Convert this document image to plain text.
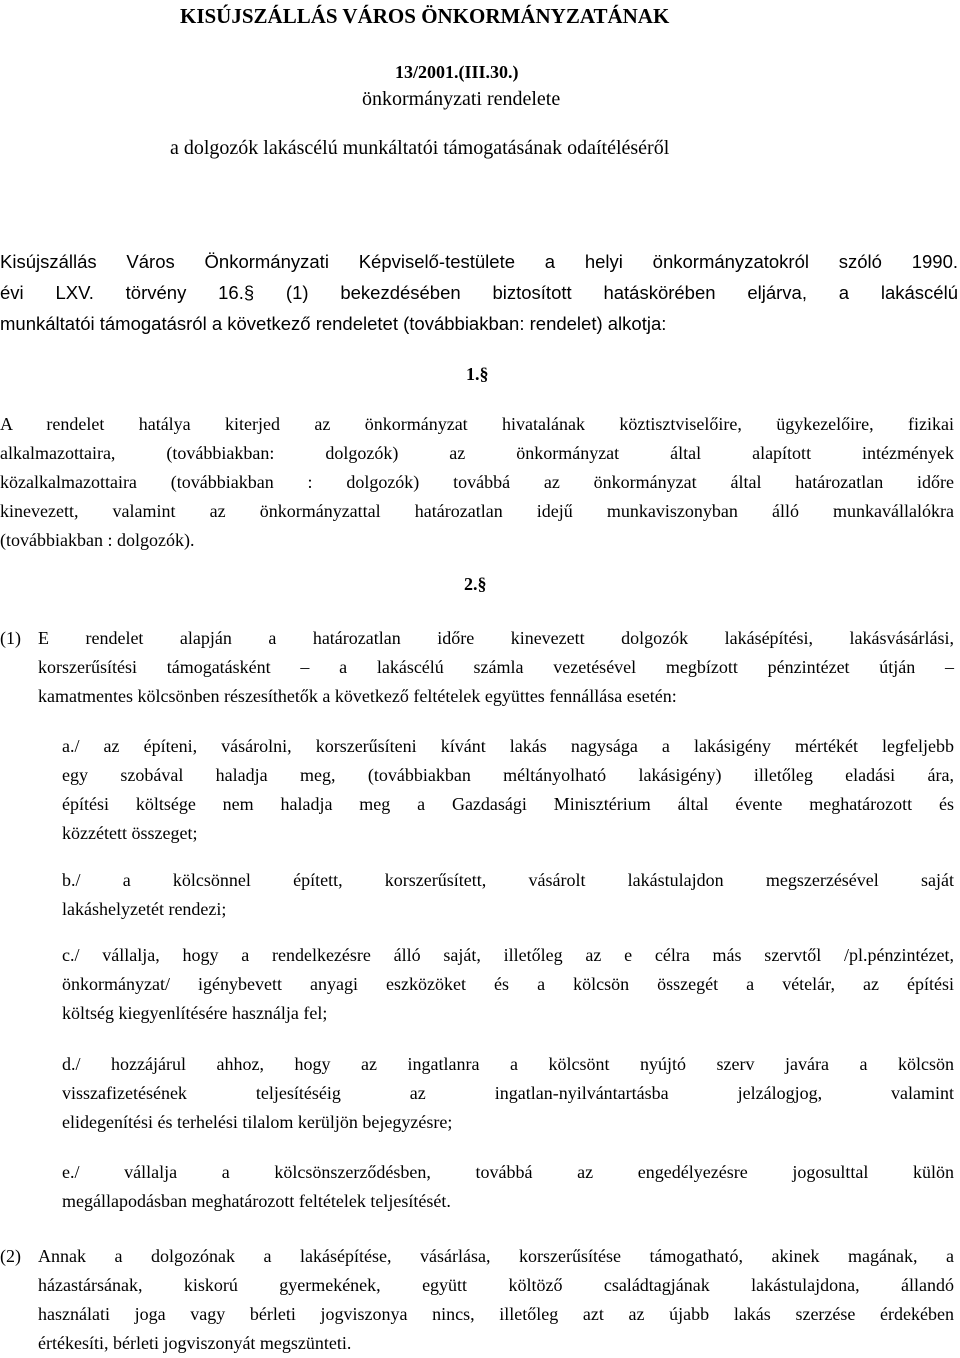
KISÚJSZÁLLÁS VÁROS ÖNKORMÁNYZATÁNAK
13/2001.(III.30.)
önkormányzati rendelete
a dolgozók lakáscélú munkáltatói támogatásának odaítéléséről
Kisújszállás Város Önkormányzati Képviselő-testülete a helyi önkormányzatokról szóló 1990.
évi LXV. törvény 16.§ (1) bekezdésében biztosított hatáskörében eljárva, a lakáscélú
munkáltatói támogatásról a következő rendeletet (továbbiakban: rendelet) alkotja:
1.§
A rendelet hatálya kiterjed az önkormányzat hivatalának köztisztviselőire, ügykezelőire, fizikai
alkalmazottaira, (továbbiakban: dolgozók) az önkormányzat által alapított intézmények
közalkalmazottaira (továbbiakban : dolgozók) továbbá az önkormányzat által határozatlan időre
kinevezett, valamint az önkormányzattal határozatlan idejű munkaviszonyban álló munkavállalókra
(továbbiakban : dolgozók).
2.§
(1) E rendelet alapján a határozatlan időre kinevezett dolgozók lakásépítési, lakásvásárlási,
korszerűsítési támogatásként – a lakáscélú számla vezetésével megbízott pénzintézet útján –
kamatmentes kölcsönben részesíthetők a következő feltételek együttes fennállása esetén:
a./ az építeni, vásárolni, korszerűsíteni kívánt lakás nagysága a lakásigény mértékét legfeljebb
egy szobával haladja meg, (továbbiakban méltányolható lakásigény) illetőleg eladási ára,
építési költsége nem haladja meg a Gazdasági Minisztérium által évente meghatározott és
közzétett összeget;
b./ a kölcsönnel épített, korszerűsített, vásárolt lakástulajdon megszerzésével saját
lakáshelyzetét rendezi;
c./ vállalja, hogy a rendelkezésre álló saját, illetőleg az e célra más szervtől /pl.pénzintézet,
önkormányzat/ igénybevett anyagi eszközöket és a kölcsön összegét a vételár, az építési
költség kiegyenlítésére használja fel;
d./ hozzájárul ahhoz, hogy az ingatlanra a kölcsönt nyújtó szerv javára a kölcsön
visszafizetésének teljesítéséig az ingatlan-nyilvántartásba jelzálogjog, valamint
elidegenítési és terhelési tilalom kerüljön bejegyzésre;
e./ vállalja a kölcsönszerződésben, továbbá az engedélyezésre jogosulttal külön
megállapodásban meghatározott feltételek teljesítését.
(2) Annak a dolgozónak a lakásépítése, vásárlása, korszerűsítése támogatható, akinek magának, a
házastársának, kiskorú gyermekének, együtt költöző családtagjának lakástulajdona, állandó
használati joga vagy bérleti jogviszonya nincs, illetőleg azt az újabb lakás szerzése érdekében
értékesíti, bérleti jogviszonyát megszünteti.
